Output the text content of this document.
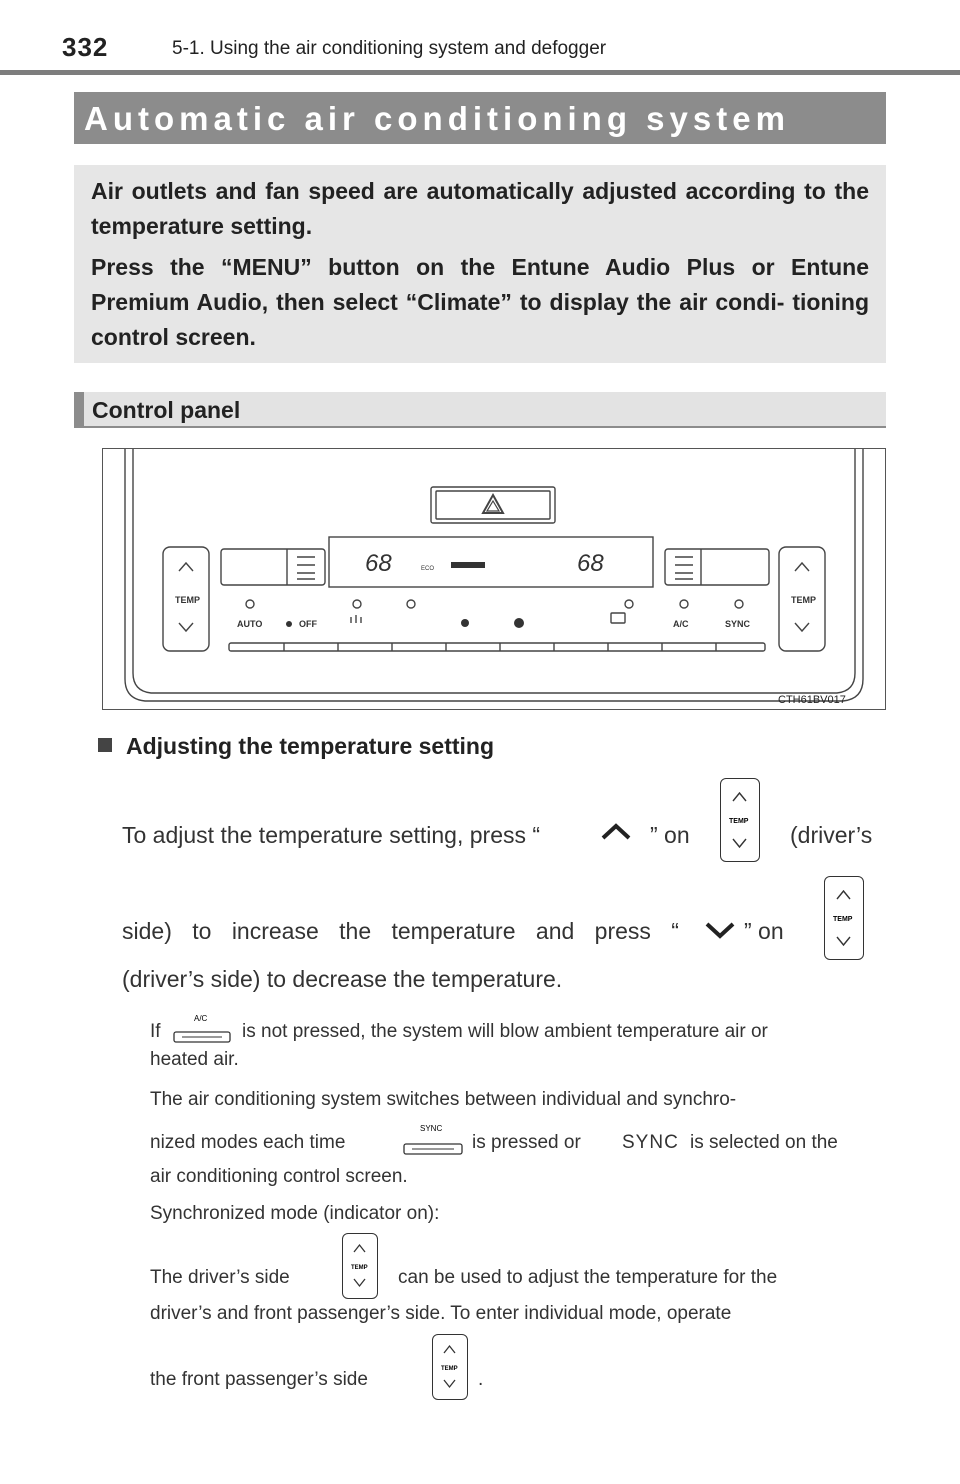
332	5-1. Using the air conditioning system and defogger
Automatic air conditioning system
Air outlets and fan speed are automatically adjusted according to the temperature setting.
Press the “MENU” button on the Entune Audio Plus or Entune Premium Audio, then select “Climate” to display the air condi- tioning control screen.
Control panel
TEMP	TEMP
68	68
ECO
AUTO	OFF	A/C	SYNC
CTH61BV017
Adjusting the temperature setting
To adjust the temperature setting, press “	” on
TEMP
(driver’s
side) to increase the temperature and press “	” on	TEMP
(driver’s side) to decrease the temperature.
If
A/C
is not pressed, the system will blow ambient temperature air or
heated air.
The air conditioning system switches between individual and synchro-
nized modes each time
SYNC
is pressed or SYNC is selected on the
air conditioning control screen.
Synchronized mode (indicator on):
The driver’s side	TEMP can be used to adjust the temperature for the
driver’s and front passenger’s side. To enter individual mode, operate
the front passenger’s side	TEMP .
